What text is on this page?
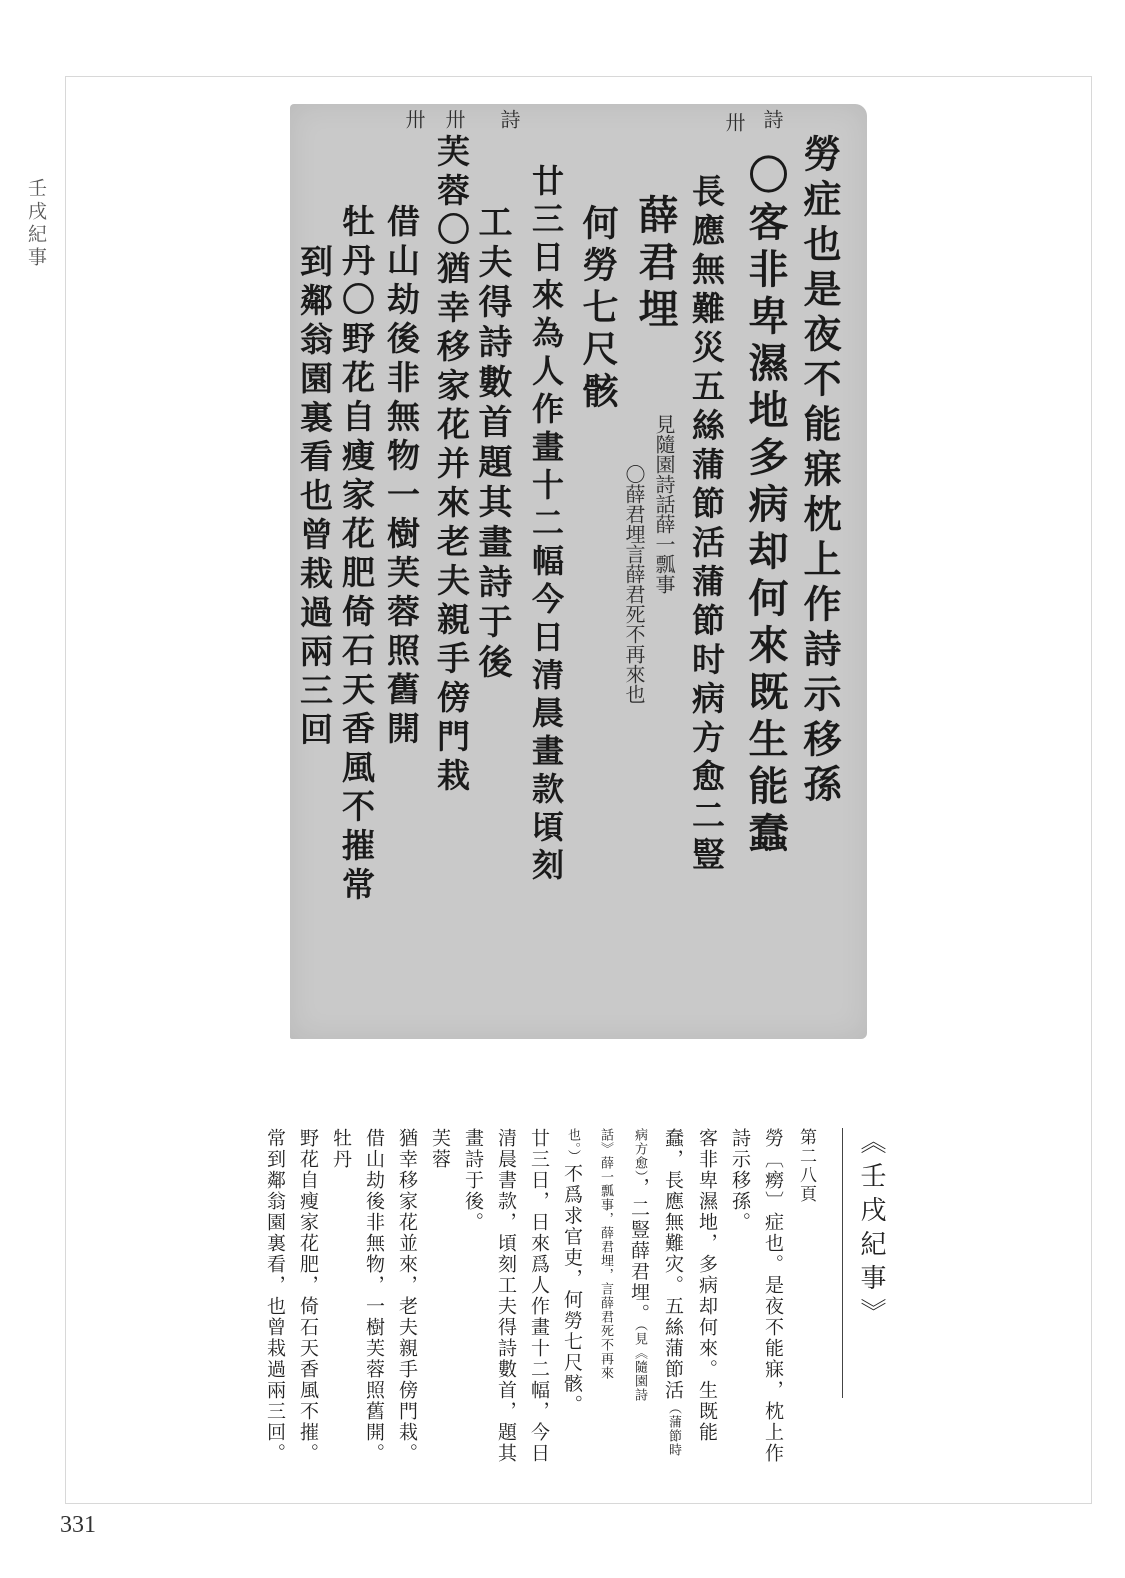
壬戌紀事	勞症也是夜不能寐枕上作詩示移孫
〇客非卑濕地多病却何來既生能蠢
長應無難災五絲蒲節活蒲節时病方愈二豎
薛君埋
何勞七尺骸
廿三日來為人作畫十二幅今日清晨畫款頃刻
工夫得詩數首題其畫詩于後
芙蓉〇猶幸移家花并來老夫親手傍門栽
借山劫後非無物一樹芙蓉照舊開
牡丹〇野花自瘦家花肥倚石天香風不摧常
到鄰翁園裏看也曾栽過兩三回
詩
卅
見隨園詩話薛一瓢事
〇薛君埋言薛君死不再來也
詩
卅
卅
《壬戌紀事》
第二八頁
勞〔癆〕症也。是夜不能寐，枕上作
詩示移孫。
客非卑濕地，多病却何來。生既能
蠢，長應無難灾。五絲蒲節活（蒲節時
病方愈），二豎薛君埋。（見《隨園詩
話》薛一瓢事，薛君埋，言薛君死不再來
也。）不爲求官吏，何勞七尺骸。
廿三日，日來爲人作畫十二幅，今日
清晨書款，頃刻工夫得詩數首，題其
畫詩于後。
芙蓉
猶幸移家花並來，老夫親手傍門栽。
借山劫後非無物，一樹芙蓉照舊開。
牡丹
野花自瘦家花肥，倚石天香風不摧。
常到鄰翁園裏看，也曾栽過兩三回。
331
